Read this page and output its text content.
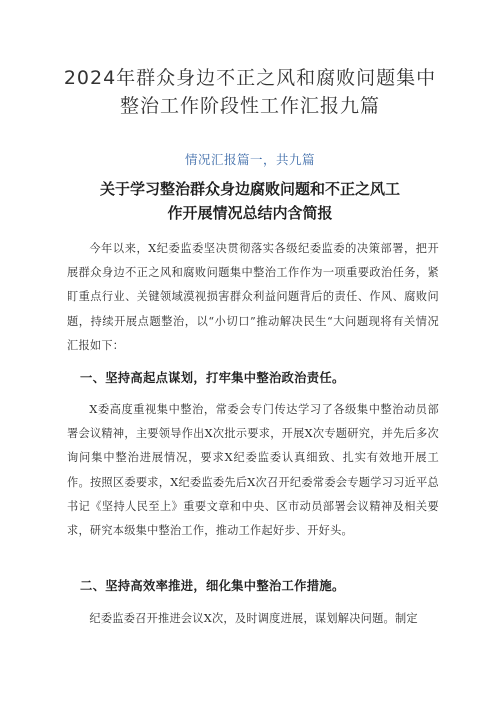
2024年群众身边不正之风和腐败问题集中
整治工作阶段性工作汇报九篇
情况汇报篇一，共九篇
关于学习整治群众身边腐败问题和不正之风工
作开展情况总结内含简报

今年以来，X纪委监委坚决贯彻落实各级纪委监委的决策部署，把开展群众身边不正之风和腐败问题集中整治工作作为一项重要政治任务，紧盯重点行业、关键领域漠视损害群众利益问题背后的责任、作风、腐败问题，持续开展点题整治，以“小切口”推动解决民生“大问题现将有关情况汇报如下：

一、坚持高起点谋划，打牢集中整治政治责任。

X委高度重视集中整治，常委会专门传达学习了各级集中整治动员部署会议精神，主要领导作出X次批示要求，开展X次专题研究，并先后多次询问集中整治进展情况，要求X纪委监委认真细致、扎实有效地开展工作。按照区委要求，X纪委监委先后X次召开纪委常委会专题学习习近平总书记《坚持人民至上》重要文章和中央、区市动员部署会议精神及相关要求，研究本级集中整治工作，推动工作起好步、开好头。

二、坚持高效率推进，细化集中整治工作措施。

纪委监委召开推进会议X次，及时调度进展，谋划解决问题。制定
